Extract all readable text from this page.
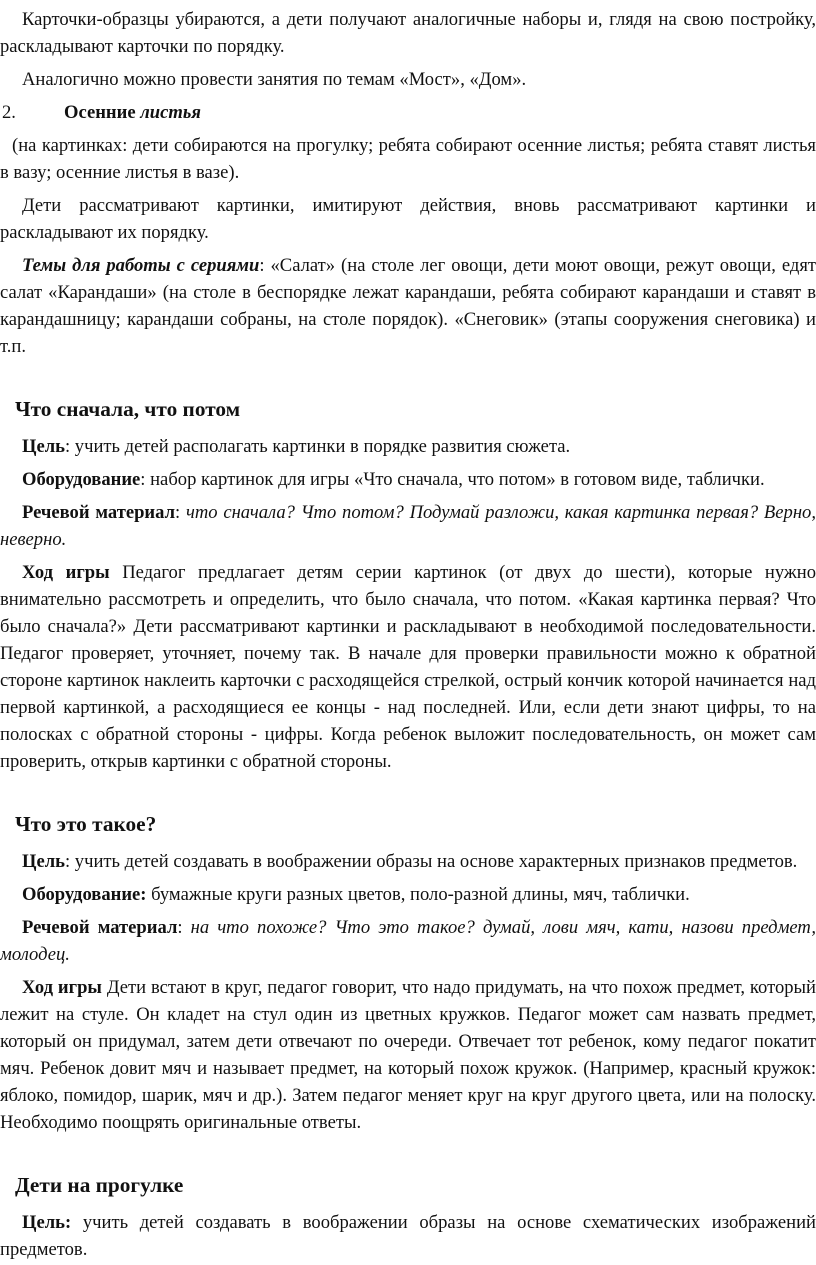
Карточки-образцы убираются, а дети получают аналогичные наборы и, глядя на свою постройку, раскладывают карточки по порядку.

Аналогично можно провести занятия по темам «Мост», «Дом».

2.	Осенние листья

(на картинках: дети собираются на прогулку; ребята собирают осенние листья; ребята ставят листья в вазу; осенние листья в вазе).

Дети рассматривают картинки, имитируют действия, вновь рассматривают картинки и раскладывают их порядку.

Темы для работы с сериями: «Салат» (на столе лег овощи, дети моют овощи, режут овощи, едят салат «Карандаши» (на столе в беспорядке лежат карандаши, ребята собирают карандаши и ставят в карандашницу; карандаши собраны, на столе порядок). «Снеговик» (этапы сооружения снеговика) и т.п.

Что сначала, что потом

Цель: учить детей располагать картинки в порядке развития сюжета.

Оборудование: набор картинок для игры «Что сначала, что потом» в готовом виде, таблички.

Речевой материал: что сначала? Что потом? Подумай разложи, какая картинка первая? Верно, неверно.

Ход игры Педагог предлагает детям серии картинок (от двух до шести), которые нужно внимательно рассмотреть и определить, что было сначала, что потом. «Какая картинка первая? Что было сначала?» Дети рассматривают картинки и раскладывают в необходимой последовательности. Педагог проверяет, уточняет, почему так. В начале для проверки правильности можно к обратной стороне картинок наклеить карточки с расходящейся стрелкой, острый кончик которой начинается над первой картинкой, а расходящиеся ее концы - над последней. Или, если дети знают цифры, то на полосках с обратной стороны - цифры. Когда ребенок выложит последовательность, он может сам проверить, открыв картинки с обратной стороны.

Что это такое?

Цель: учить детей создавать в воображении образы на основе характерных признаков предметов.

Оборудование: бумажные круги разных цветов, поло-разной длины, мяч, таблички.

Речевой материал: на что похоже? Что это такое? думай, лови мяч, кати, назови предмет, молодец.

Ход игры Дети встают в круг, педагог говорит, что надо придумать, на что похож предмет, который лежит на стуле. Он кладет на стул один из цветных кружков. Педагог может сам назвать предмет, который он придумал, затем дети отвечают по очереди. Отвечает тот ребенок, кому педагог покатит мяч. Ребенок довит мяч и называет предмет, на который похож кружок. (Например, красный кружок: яблоко, помидор, шарик, мяч и др.). Затем педагог меняет круг на круг другого цвета, или на полоску. Необходимо поощрять оригинальные ответы.

Дети на прогулке

Цель: учить детей создавать в воображении образы на основе схематических изображений предметов.
